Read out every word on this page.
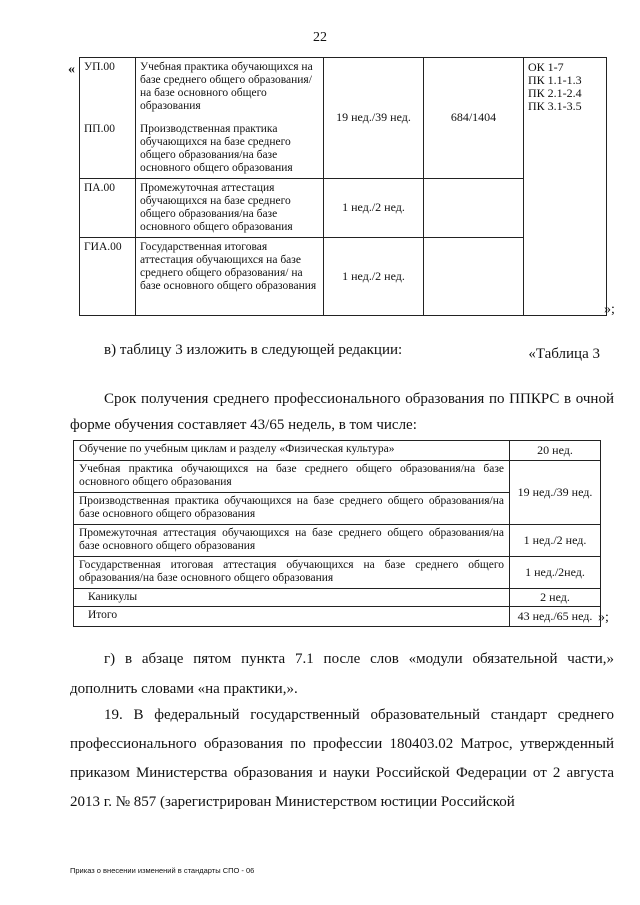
22
« УП.00	Учебная практика обучающихся на базе среднего общего образования/на базе основного общего образования	19 нед./39 нед.	684/1404	ОК 1-7
ПК 1.1-1.3
ПК 2.1-2.4
ПК 3.1-3.5

ПП.00	Производственная практика обучающихся на базе среднего общего образования/на базе основного общего образования			
ПА.00	Промежуточная аттестация обучающихся на базе среднего общего образования/на базе основного общего образования	1 нед./2 нед.		
ГИА.00	Государственная итоговая аттестация обучающихся на базе среднего общего образования/ на базе основного общего образования	1 нед./2 нед.		
»;
в) таблицу 3 изложить в следующей редакции:	«Таблица 3
Срок получения среднего профессионального образования по ППКРС в очной форме обучения составляет 43/65 недель, в том числе:
Обучение по учебным циклам и разделу «Физическая культура»	20 нед.
Учебная практика обучающихся на базе среднего общего образования/на базе основного общего образования	19 нед./39 нед.
Производственная практика обучающихся на базе среднего общего образования/на базе основного общего образования	
Промежуточная аттестация обучающихся на базе среднего общего образования/на базе основного общего образования	1 нед./2 нед.
Государственная итоговая аттестация обучающихся на базе среднего общего образования/на базе основного общего образования	1 нед./2нед.
Каникулы	2 нед.
Итого	43 нед./65 нед. »;
г) в абзаце пятом пункта 7.1 после слов «модули обязательной части,» дополнить словами «на практики,».
19. В федеральный государственный образовательный стандарт среднего профессионального образования по профессии 180403.02 Матрос, утвержденный приказом Министерства образования и науки Российской Федерации от 2 августа 2013 г. № 857 (зарегистрирован Министерством юстиции Российской
Приказ о внесении изменений в стандарты СПО - 06
